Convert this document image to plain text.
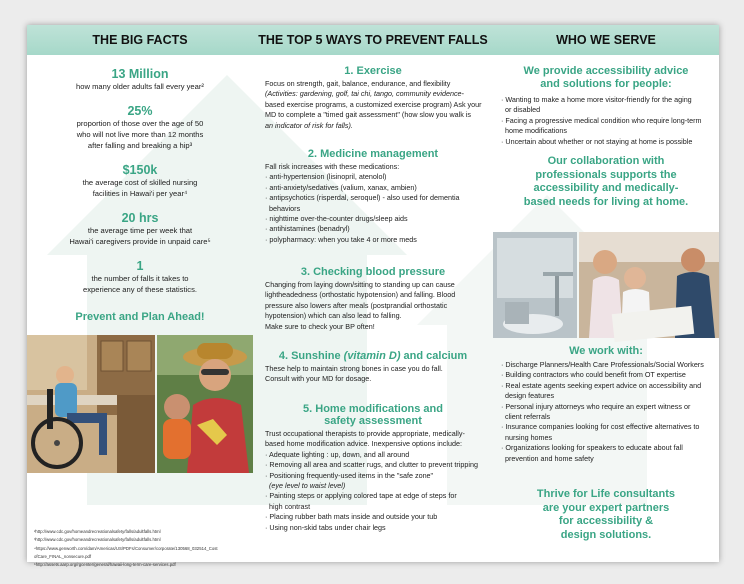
THE BIG FACTS	THE TOP 5 WAYS TO PREVENT FALLS	WHO WE SERVE
13 Million
how many older adults fall every year²
25%
proportion of those over the age of 50
who will not live more than 12 months
after falling and breaking a hip³
$150k
the average cost of skilled nursing
facilities in Hawai'i per year⁴
20 hrs
the average time per week that
Hawai'i caregivers provide in unpaid care⁵
1
the number of falls it takes to
experience any of these statistics.
Prevent and Plan Ahead!
²http://www.cdc.gov/homeandrecreationalsafety/falls/adultfalls.html
³http://www.cdc.gov/homeandrecreationalsafety/falls/adultfalls.html
⁴https://www.genworth.com/dam/Americas/US/PDFs/Consumer/corporate/130568_032514_Cost
ofCare_FINAL_nonsecure.pdf
⁵http://assets.aarp.org/rgcenter/general/hawaii-long-term-care-services.pdf
1. Exercise
Focus on strength, gait, balance, endurance, and flexibility
(Activities: gardening, golf, tai chi, tango, community evidence-
based exercise programs, a customized exercise program) Ask your
MD to complete a "timed gait assessment" (how slow you walk is
an indicator of risk for falls).
2. Medicine management
Fall risk increases with these medications:
· anti-hypertension (lisinopril, atenolol)
· anti-anxiety/sedatives (valium, xanax, ambien)
· antipsychotics (risperdal, seroquel) - also used for dementia
behaviors
· nighttime over-the-counter drugs/sleep aids
· antihistamines (benadryl)
· polypharmacy: when you take 4 or more meds
3. Checking blood pressure
Changing from laying down/sitting to standing up can cause
lightheadedness (orthostatic hypotension) and falling. Blood
pressure also lowers after meals (postprandial orthostatic
hypotension) which can also lead to falling.
Make sure to check your BP often!
4. Sunshine (vitamin D) and calcium
These help to maintain strong bones in case you do fall.
Consult with your MD for dosage.
5. Home modifications and
safety assessment
Trust occupational therapists to provide appropriate, medically-
based home modification advice. Inexpensive options include:
· Adequate lighting : up, down, and all around
· Removing all area and scatter rugs, and clutter to prevent tripping
· Positioning frequently-used items in the "safe zone"
(eye level to waist level)
· Painting steps or applying colored tape at edge of steps for
high contrast
· Placing rubber bath mats inside and outside your tub
· Using non-skid tabs under chair legs
We provide accessibility advice
and solutions for people:
· Wanting to make a home more visitor-friendly for the aging
or disabled
· Facing a progressive medical condition who require long-term
home modifications
· Uncertain about whether or not staying at home is possible
Our collaboration with
professionals supports the
accessibility and medically-
based needs for living at home.
We work with:
· Discharge Planners/Health Care Professionals/Social Workers
· Building contractors who could benefit from OT expertise
· Real estate agents seeking expert advice on accessibility and
design features
· Personal injury attorneys who require an expert witness or
client referrals
· Insurance companies looking for cost effective alternatives to
nursing homes
· Organizations looking for speakers to educate about fall
prevention and home safety
Thrive for Life consultants
are your expert partners
for accessibility &
design solutions.
